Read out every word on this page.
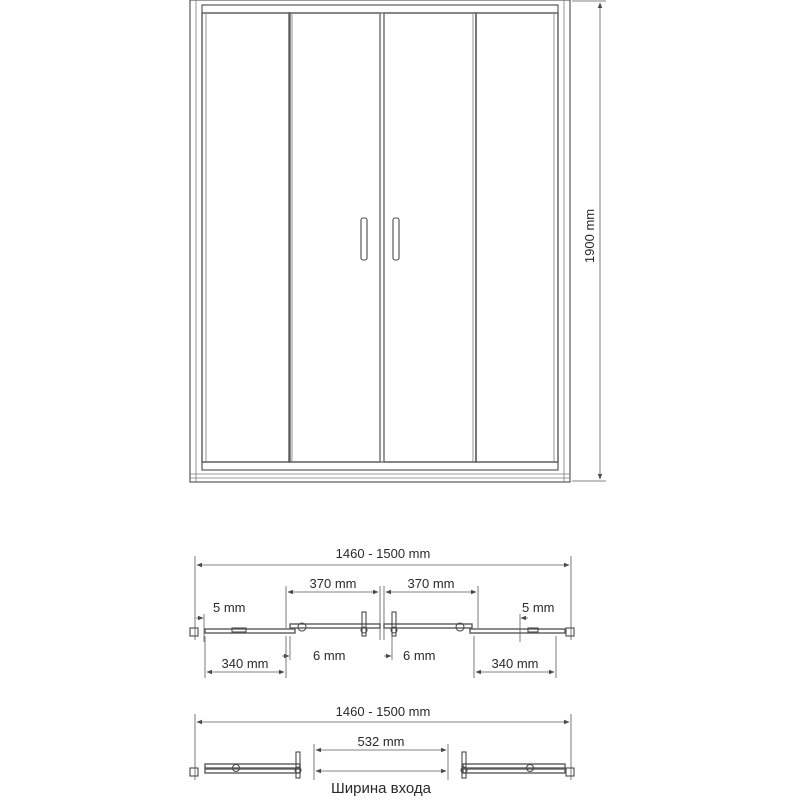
1900 mm
1460 - 1500 mm
370 mm	370 mm
5 mm	5 mm
6 mm	6 mm
340 mm	340 mm
1460 - 1500 mm
532 mm
Ширина входа
